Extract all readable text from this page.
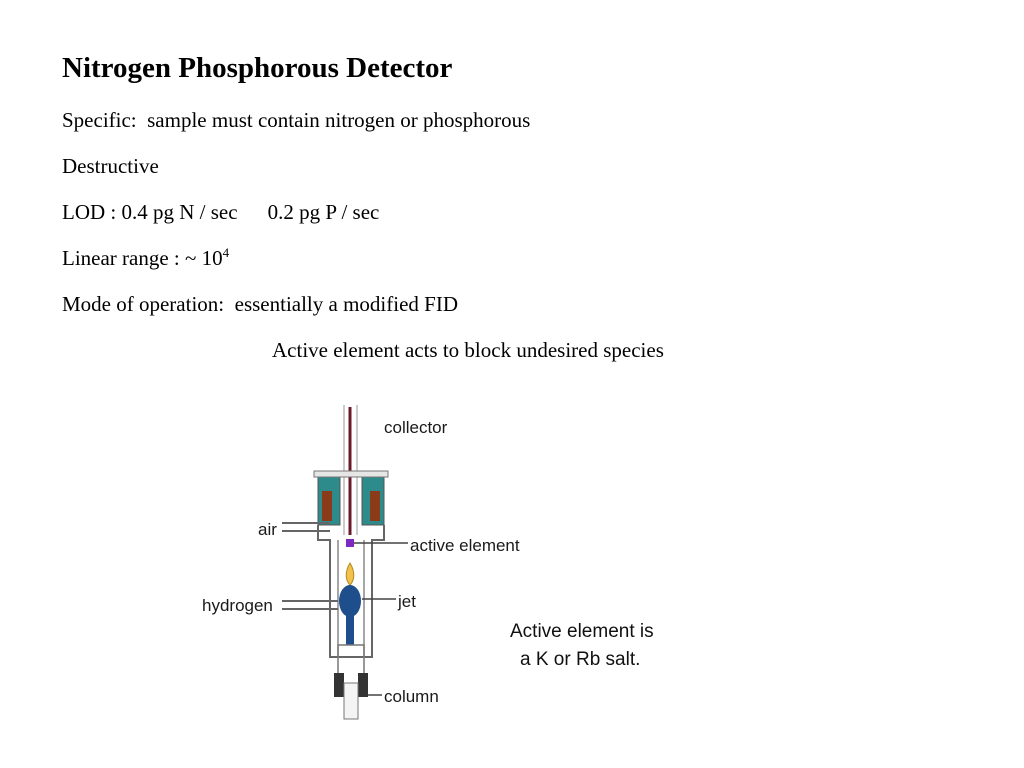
Nitrogen Phosphorous Detector
Specific:  sample must contain nitrogen or phosphorous
Destructive
LOD : 0.4 pg N / sec 0.2 pg P / sec
Linear range : ~ $10^4$
Mode of operation:  essentially a modified FID
Active element acts to block undesired species
collector
air
active element
hydrogen	jet
column
Active element is
a K or Rb salt.
